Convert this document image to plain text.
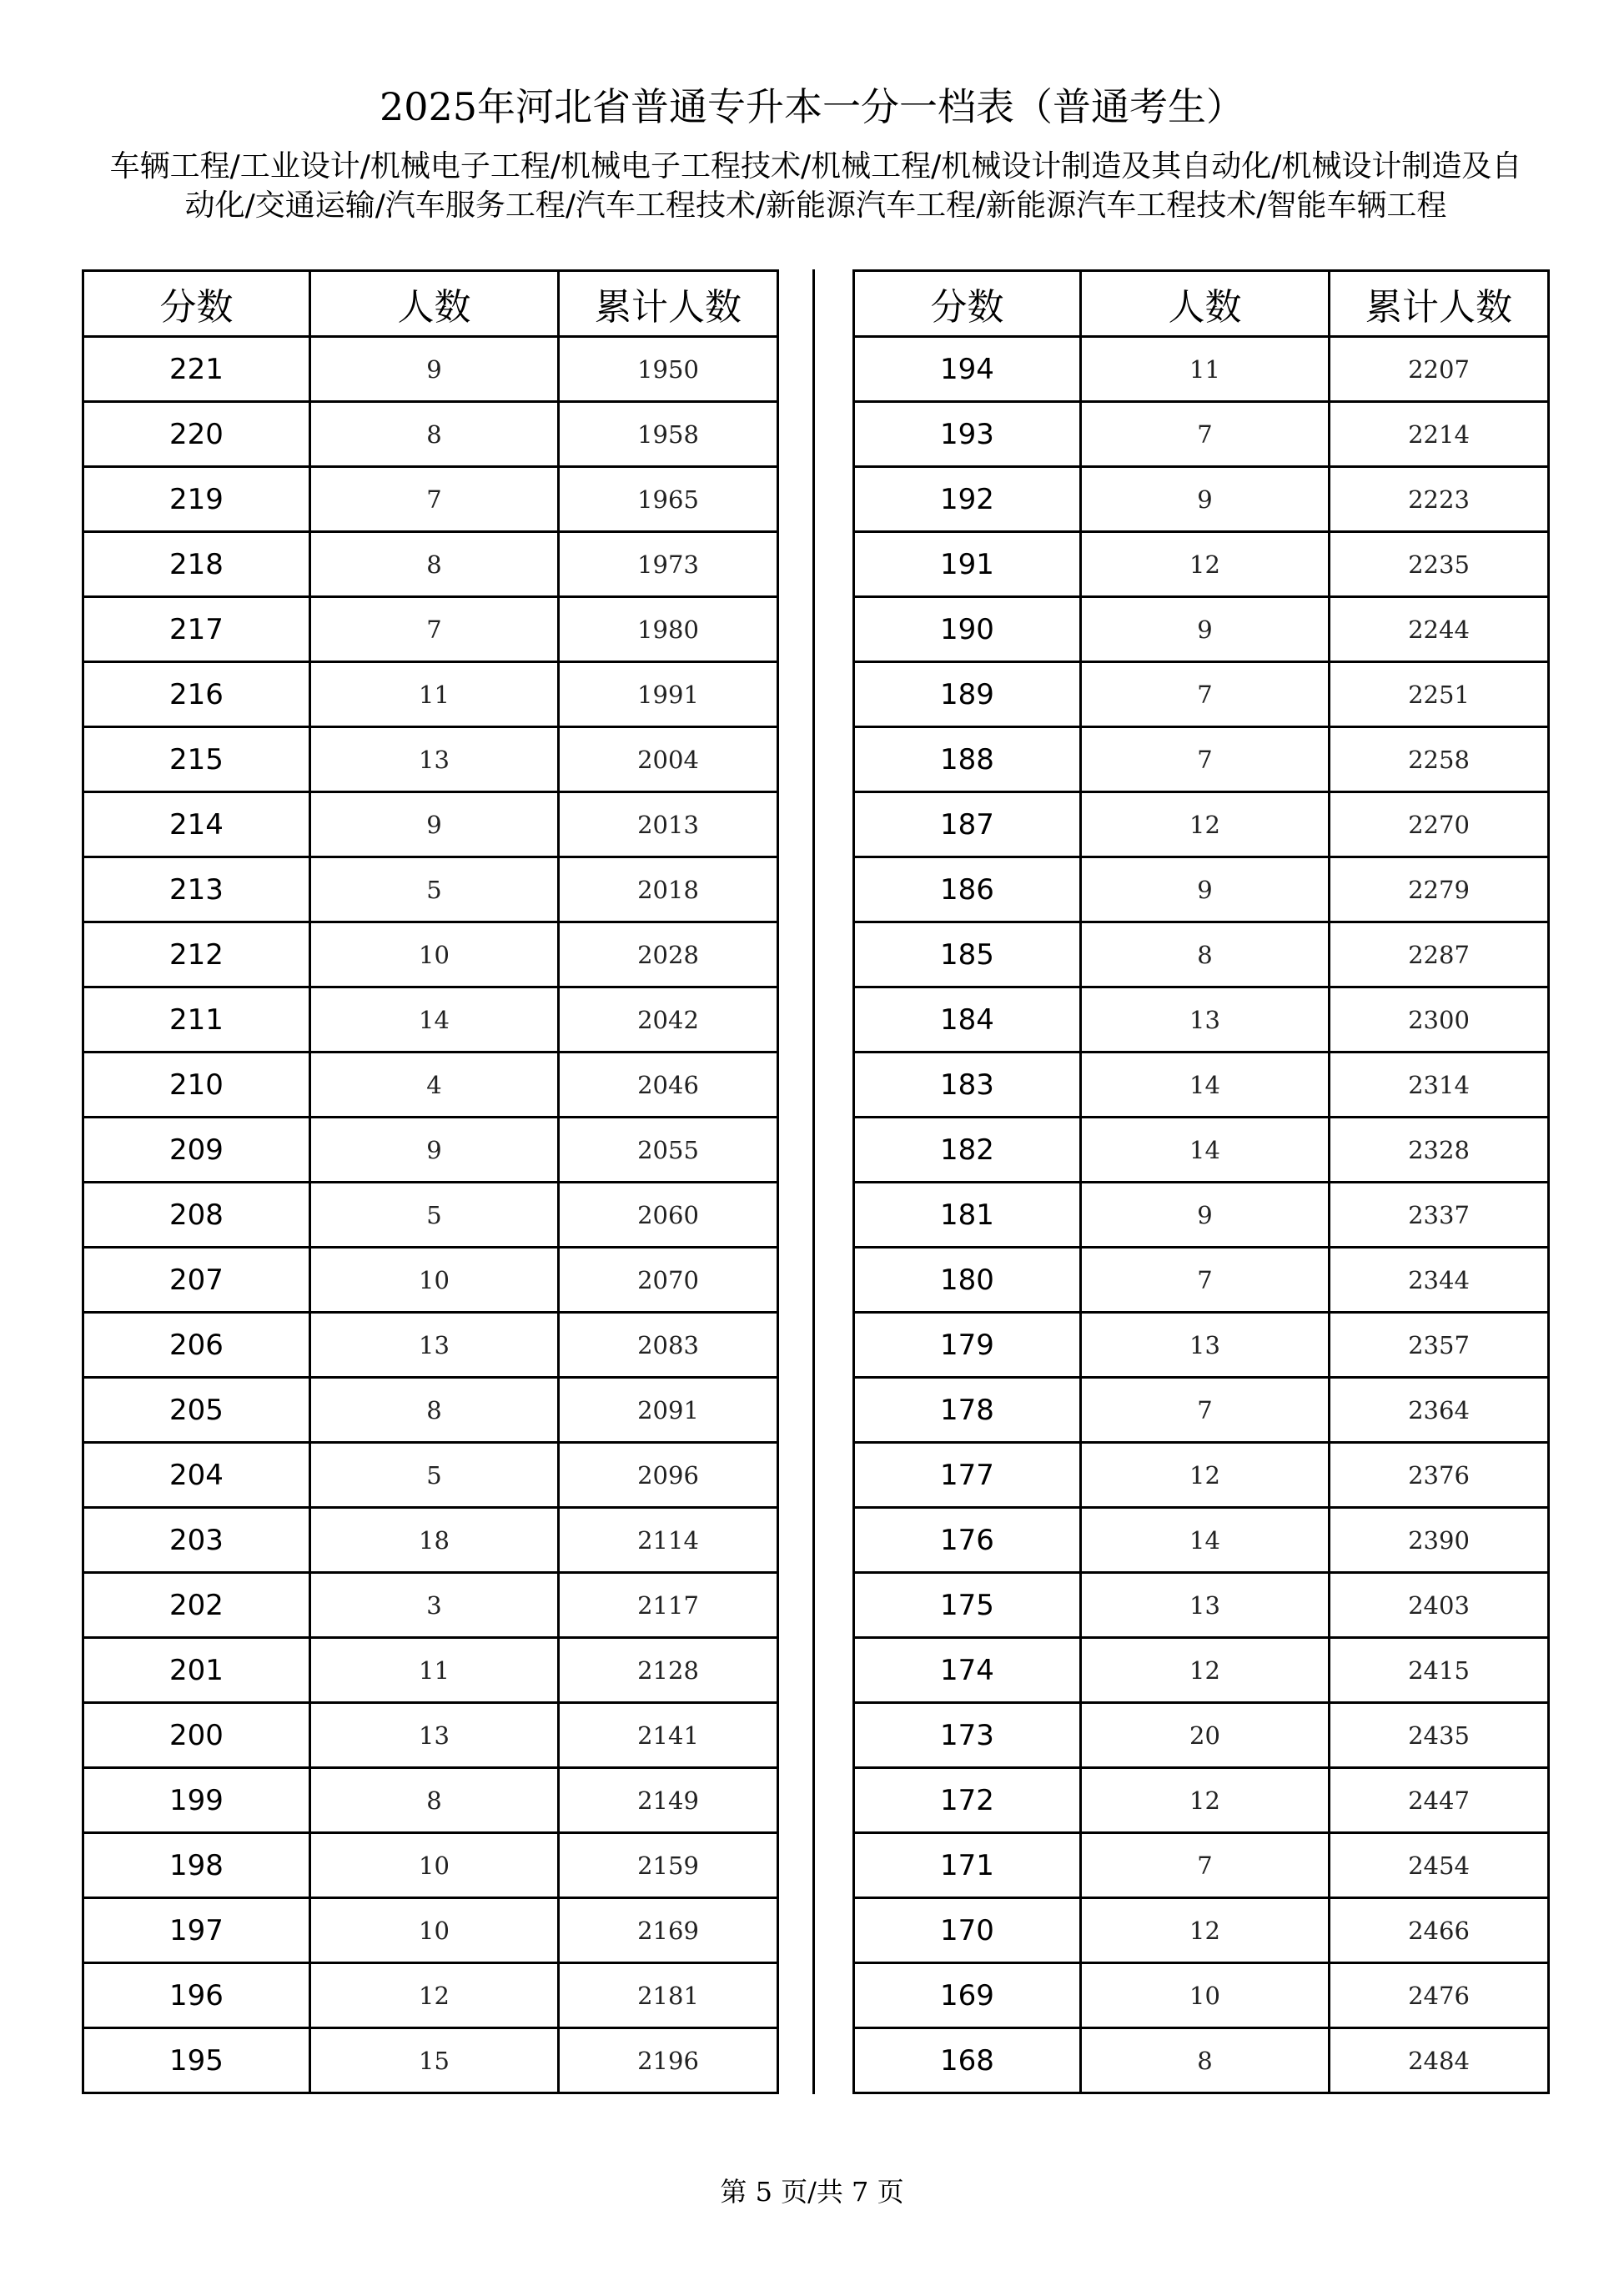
2025年河北省普通专升本一分一档表（普通考生）
车辆工程/工业设计/机械电子工程/机械电子工程技术/机械工程/机械设计制造及其自动化/机械设计制造及自动化/交通运输/汽车服务工程/汽车工程技术/新能源汽车工程/新能源汽车工程技术/智能车辆工程
分数	人数	累计人数
221	9	1950
220	8	1958
219	7	1965
218	8	1973
217	7	1980
216	11	1991
215	13	2004
214	9	2013
213	5	2018
212	10	2028
211	14	2042
210	4	2046
209	9	2055
208	5	2060
207	10	2070
206	13	2083
205	8	2091
204	5	2096
203	18	2114
202	3	2117
201	11	2128
200	13	2141
199	8	2149
198	10	2159
197	10	2169
196	12	2181
195	15	2196
分数	人数	累计人数
194	11	2207
193	7	2214
192	9	2223
191	12	2235
190	9	2244
189	7	2251
188	7	2258
187	12	2270
186	9	2279
185	8	2287
184	13	2300
183	14	2314
182	14	2328
181	9	2337
180	7	2344
179	13	2357
178	7	2364
177	12	2376
176	14	2390
175	13	2403
174	12	2415
173	20	2435
172	12	2447
171	7	2454
170	12	2466
169	10	2476
168	8	2484
第 5 页/共 7 页
